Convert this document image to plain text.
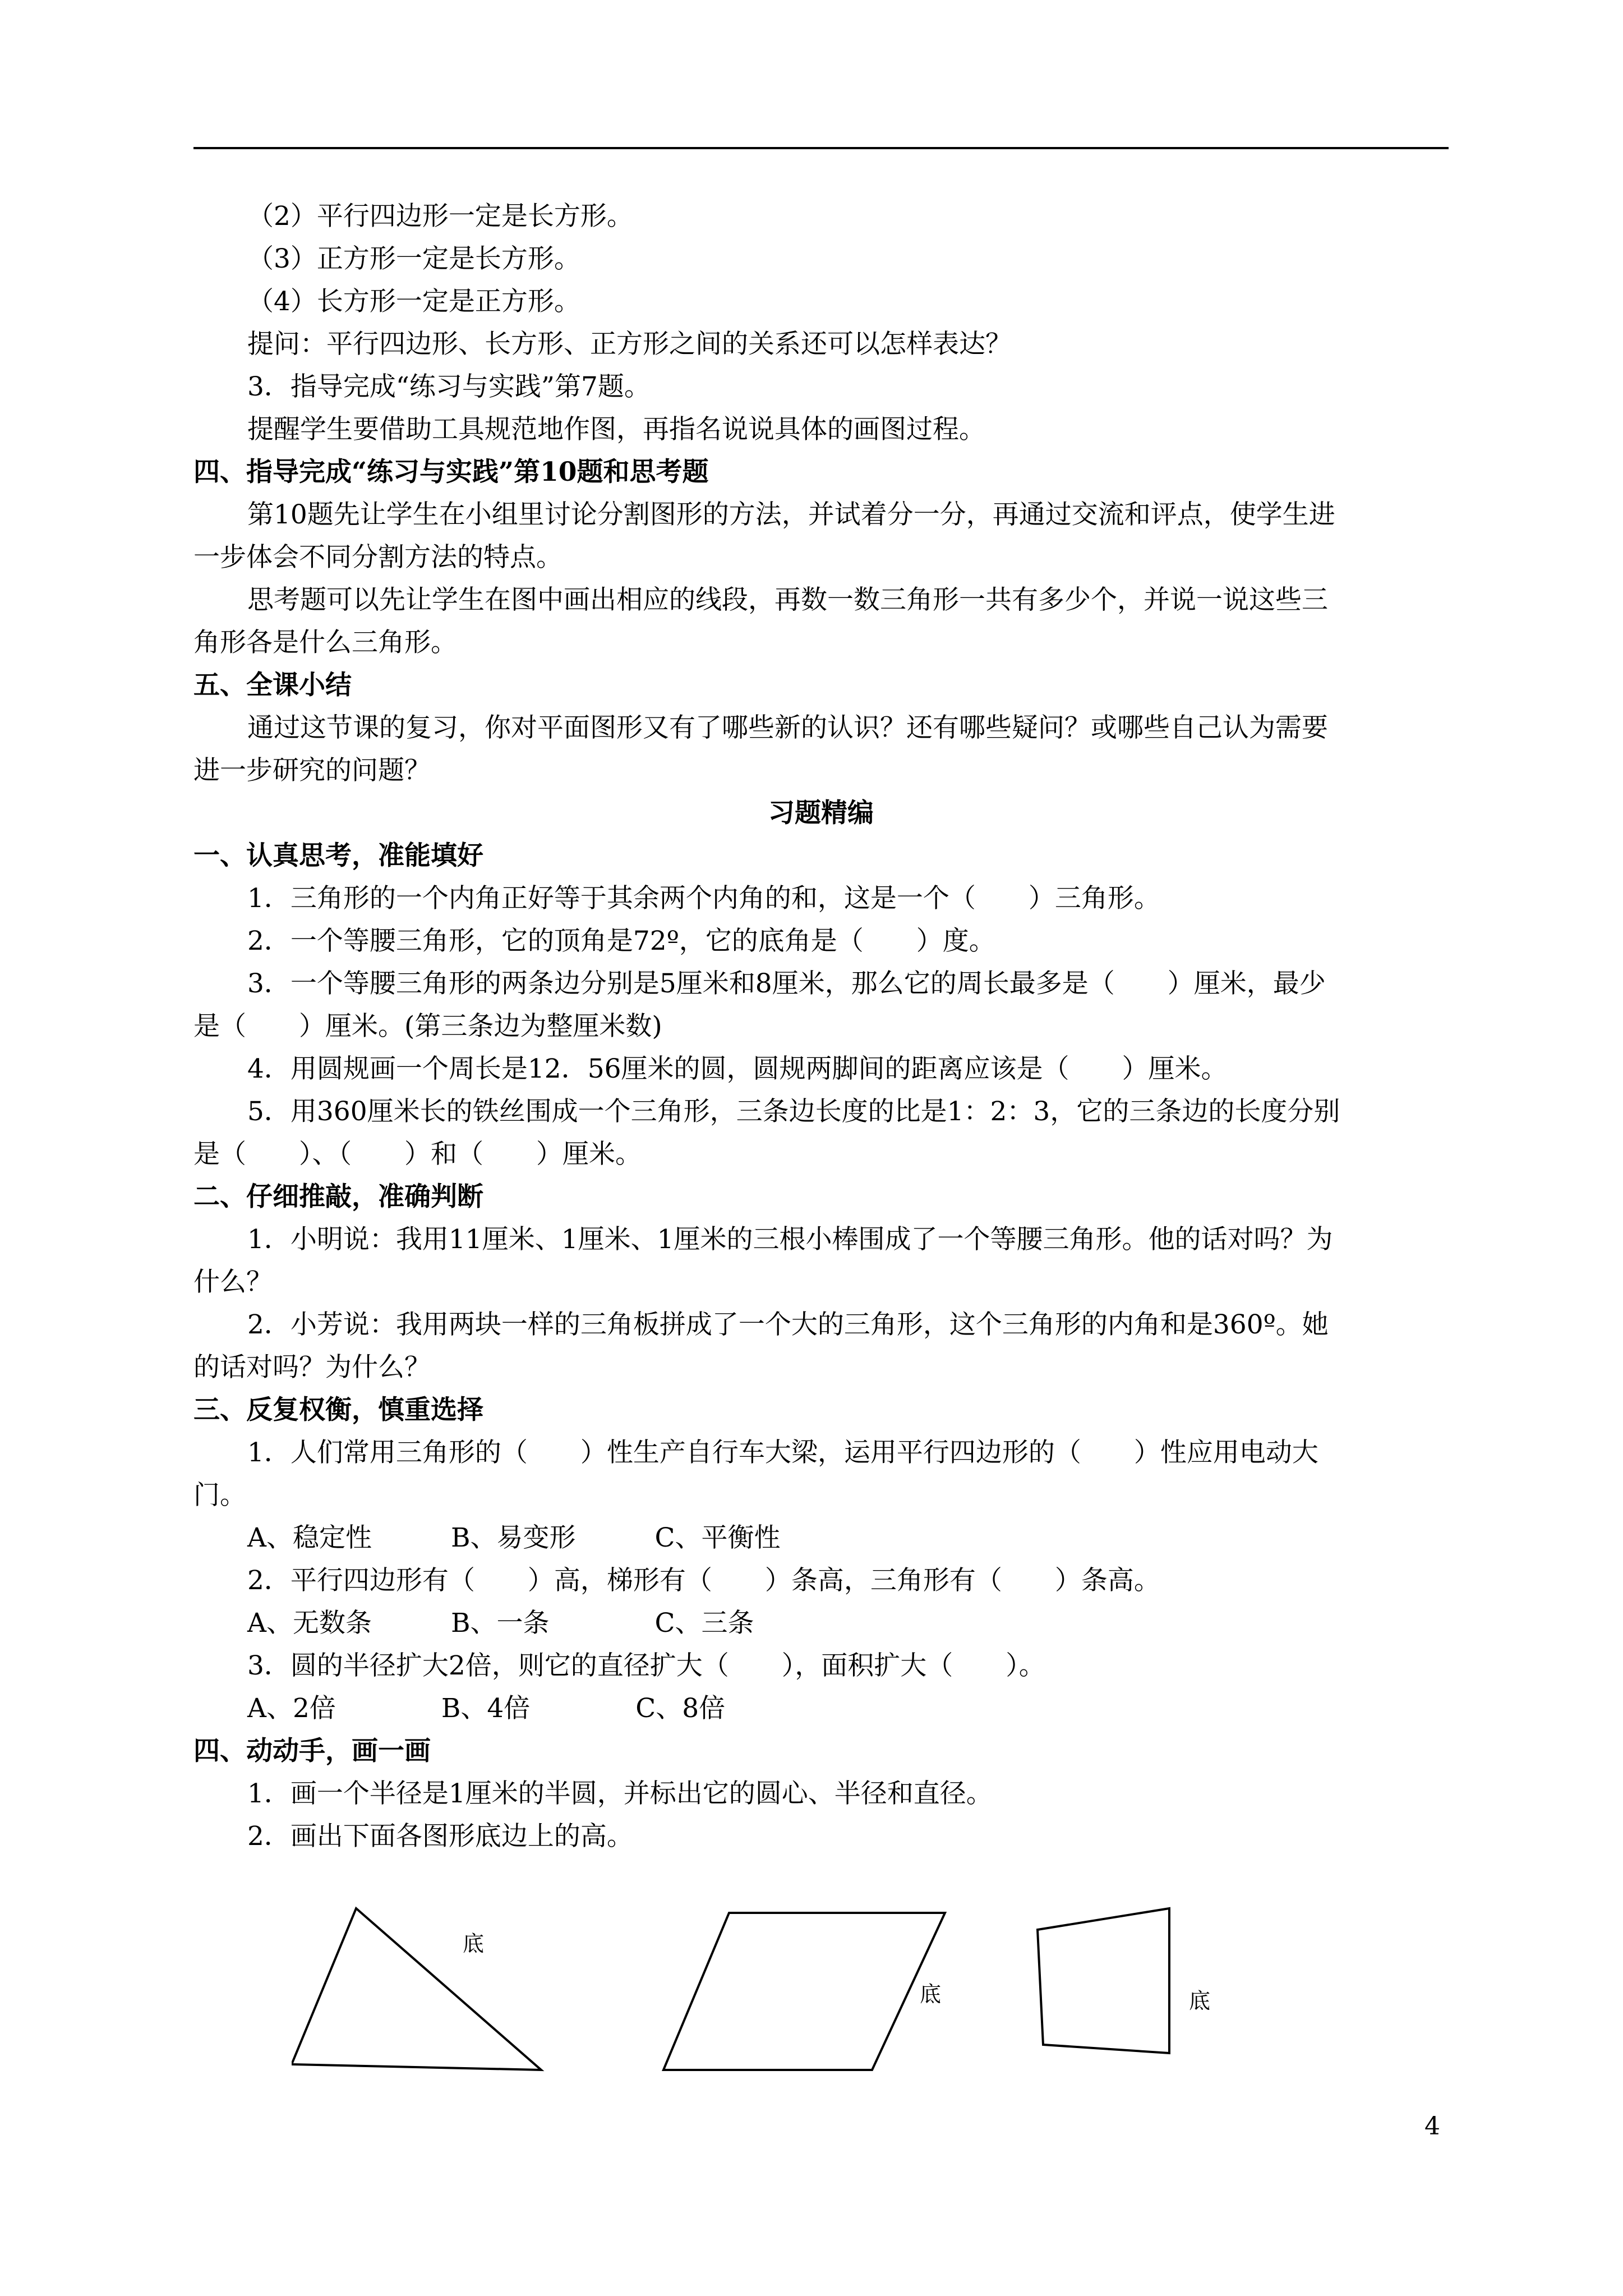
（2）平行四边形一定是长方形。
（3）正方形一定是长方形。
（4）长方形一定是正方形。
提问：平行四边形、长方形、正方形之间的关系还可以怎样表达？
3．指导完成“练习与实践”第7题。
提醒学生要借助工具规范地作图，再指名说说具体的画图过程。
四、指导完成“练习与实践”第10题和思考题
第10题先让学生在小组里讨论分割图形的方法，并试着分一分，再通过交流和评点，使学生进
一步体会不同分割方法的特点。
思考题可以先让学生在图中画出相应的线段，再数一数三角形一共有多少个，并说一说这些三
角形各是什么三角形。
五、全课小结
通过这节课的复习，你对平面图形又有了哪些新的认识？还有哪些疑问？或哪些自己认为需要
进一步研究的问题？
习题精编
一、认真思考，准能填好
1．三角形的一个内角正好等于其余两个内角的和，这是一个（　　）三角形。
2．一个等腰三角形，它的顶角是72º，它的底角是（　　）度。
3．一个等腰三角形的两条边分别是5厘米和8厘米，那么它的周长最多是（　　）厘米，最少
是（　　）厘米。(第三条边为整厘米数)
4．用圆规画一个周长是12．56厘米的圆，圆规两脚间的距离应该是（　　）厘米。
5．用360厘米长的铁丝围成一个三角形，三条边长度的比是1：2：3，它的三条边的长度分别
是（　　）、（　　）和（　　）厘米。
二、仔细推敲，准确判断
1．小明说：我用11厘米、1厘米、1厘米的三根小棒围成了一个等腰三角形。他的话对吗？为
什么？
2．小芳说：我用两块一样的三角板拼成了一个大的三角形，这个三角形的内角和是360º。她
的话对吗？为什么？
三、反复权衡，慎重选择
1．人们常用三角形的（　　）性生产自行车大梁，运用平行四边形的（　　）性应用电动大
门。
A、稳定性　　　B、易变形　　　C、平衡性
2．平行四边形有（　　）高，梯形有（　　）条高，三角形有（　　）条高。
A、无数条　　　B、一条　　　　C、三条
3．圆的半径扩大2倍，则它的直径扩大（　　），面积扩大（　　）。
A、2倍　　　　B、4倍　　　　C、8倍
四、动动手，画一画
1．画一个半径是1厘米的半圆，并标出它的圆心、半径和直径。
2．画出下面各图形底边上的高。
底
底	底
4
